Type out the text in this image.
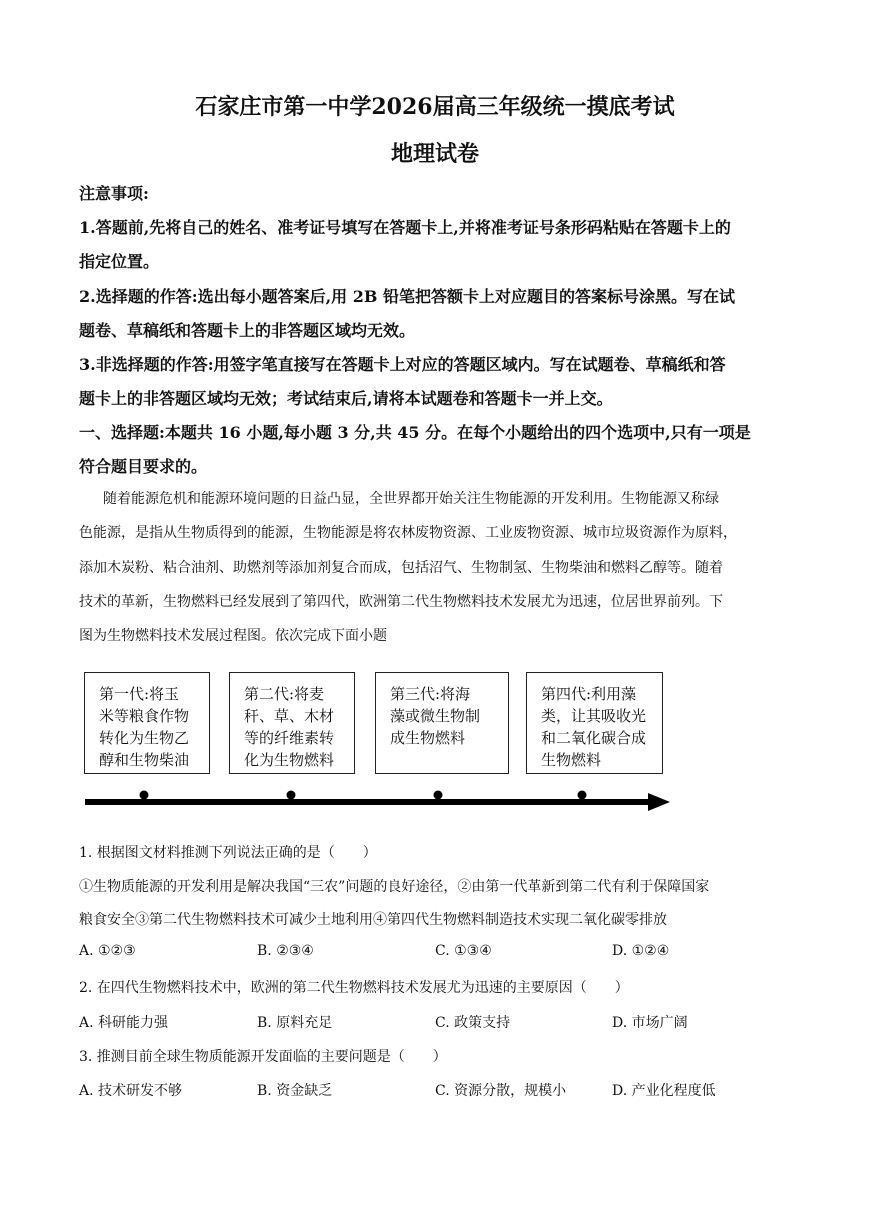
石家庄市第一中学2026届高三年级统一摸底考试
地理试卷
注意事项:
1.答题前,先将自己的姓名、准考证号填写在答题卡上,并将准考证号条形码粘贴在答题卡上的
指定位置。
2.选择题的作答:选出每小题答案后,用 2B 铅笔把答额卡上对应题目的答案标号涂黑。写在试
题卷、草稿纸和答题卡上的非答题区域均无效。
3.非选择题的作答:用签字笔直接写在答题卡上对应的答题区域内。写在试题卷、草稿纸和答
题卡上的非答题区域均无效；考试结束后,请将本试题卷和答题卡一并上交。
一、选择题:本题共 16 小题,每小题 3 分,共 45 分。在每个小题给出的四个选项中,只有一项是
符合题目要求的。
随着能源危机和能源环境问题的日益凸显，全世界都开始关注生物能源的开发利用。生物能源又称绿
色能源，是指从生物质得到的能源，生物能源是将农林废物资源、工业废物资源、城市垃圾资源作为原料，
添加木炭粉、粘合油剂、助燃剂等添加剂复合而成，包括沼气、生物制氢、生物柴油和燃料乙醇等。随着
技术的革新，生物燃料已经发展到了第四代，欧洲第二代生物燃料技术发展尤为迅速，位居世界前列。下
图为生物燃料技术发展过程图。依次完成下面小题
第一代:将玉
米等粮食作物
转化为生物乙
醇和生物柴油
第二代:将麦
秆、草、木材
等的纤维素转
化为生物燃料
第三代:将海
藻或微生物制
成生物燃料
第四代:利用藻
类，让其吸收光
和二氧化碳合成
生物燃料
1. 根据图文材料推测下列说法正确的是（　　）
①生物质能源的开发利用是解决我国“三农”问题的良好途径，②由第一代革新到第二代有利于保障国家
粮食安全③第二代生物燃料技术可减少土地利用④第四代生物燃料制造技术实现二氧化碳零排放
A. ①②③	B. ②③④	C. ①③④	D. ①②④
2. 在四代生物燃料技术中，欧洲的第二代生物燃料技术发展尤为迅速的主要原因（　　）
A. 科研能力强	B. 原料充足	C. 政策支持	D. 市场广阔
3. 推测目前全球生物质能源开发面临的主要问题是（　　）
A. 技术研发不够	B. 资金缺乏	C. 资源分散，规模小	D. 产业化程度低
